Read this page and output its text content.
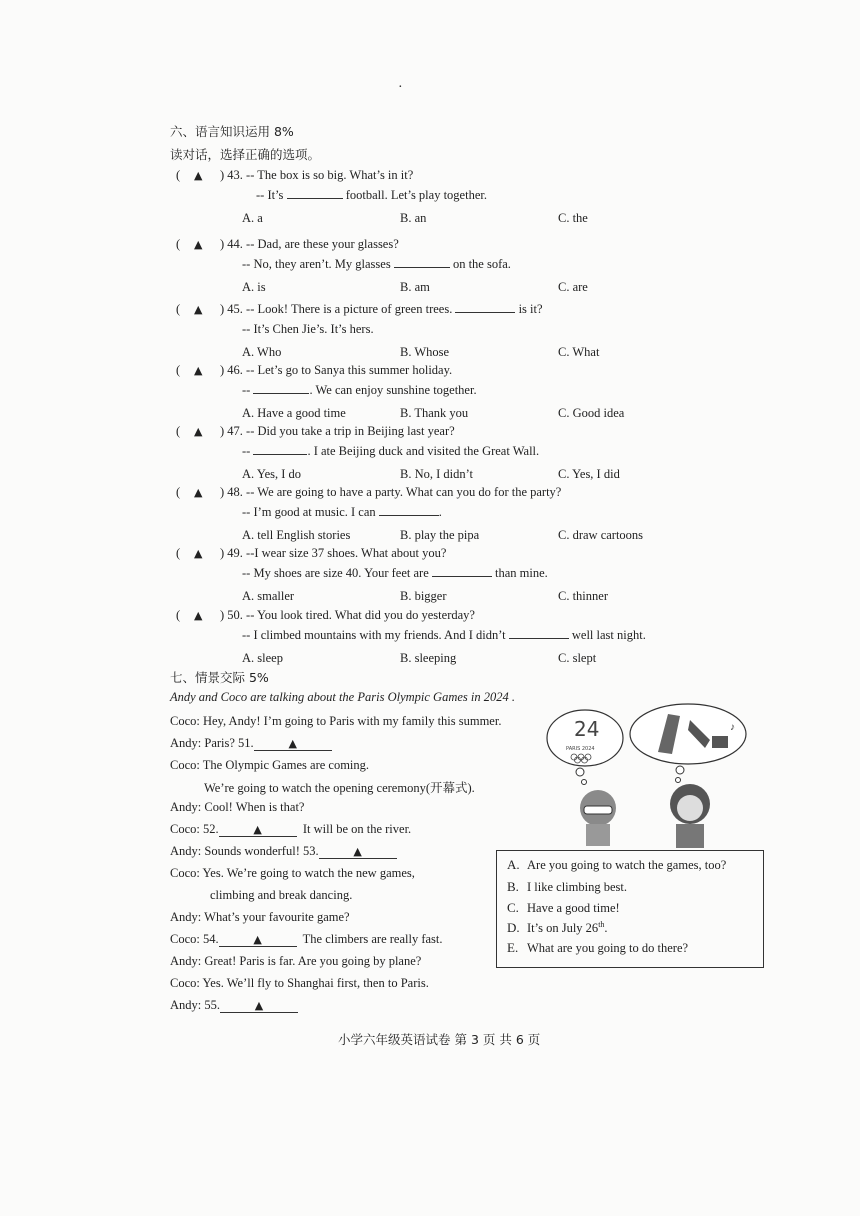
·
六、语言知识运用 8%
读对话，选择正确的选项。
( ▲ ) 43. -- The box is so big. What’s in it?
-- It’s	football. Let’s play together.
A. a	B. an	C. the
( ▲ ) 44. -- Dad, are these your glasses?
-- No, they aren’t. My glasses	on the sofa.
A. is	B. am	C. are
( ▲ ) 45. -- Look! There is a picture of green trees.	is it?
-- It’s Chen Jie’s. It’s hers.
A. Who	B. Whose	C. What
( ▲ ) 46. -- Let’s go to Sanya this summer holiday.
--	. We can enjoy sunshine together.
A. Have a good time	B. Thank you	C. Good idea
( ▲ ) 47. -- Did you take a trip in Beijing last year?
--	. I ate Beijing duck and visited the Great Wall.
A. Yes, I do	B. No, I didn’t	C. Yes, I did
( ▲ ) 48. -- We are going to have a party. What can you do for the party?
-- I’m good at music. I can	.
A. tell English stories	B. play the pipa	C. draw cartoons
( ▲ ) 49. --I wear size 37 shoes. What about you?
-- My shoes are size 40. Your feet are	than mine.
A. smaller	B. bigger	C. thinner
( ▲ ) 50. -- You look tired. What did you do yesterday?
-- I climbed mountains with my friends. And I didn’t	well last night.
A. sleep	B. sleeping	C. slept
七、情景交际 5%
Andy and Coco are talking about the Paris Olympic Games in 2024 .
Coco: Hey, Andy! I’m going to Paris with my family this summer.
Andy: Paris? 51.	▲
Coco: The Olympic Games are coming.
We’re going to watch the opening ceremony(开幕式).
Andy: Cool! When is that?
Coco: 52.	▲	It will be on the river.
Andy: Sounds wonderful! 53.	▲
Coco: Yes. We’re going to watch the new games,
climbing and break dancing.
Andy: What’s your favourite game?
Coco: 54.	▲	The climbers are really fast.
Andy: Great! Paris is far. Are you going by plane?
Coco: Yes. We’ll fly to Shanghai first, then to Paris.
Andy: 55.	▲
24
PARIS 2024
♪
A. Are you going to watch the games, too?
B. I like climbing best.
C. Have a good time!
D. It’s on July 26th.
E. What are you going to do there?
小学六年级英语试卷 第 3 页 共 6 页
